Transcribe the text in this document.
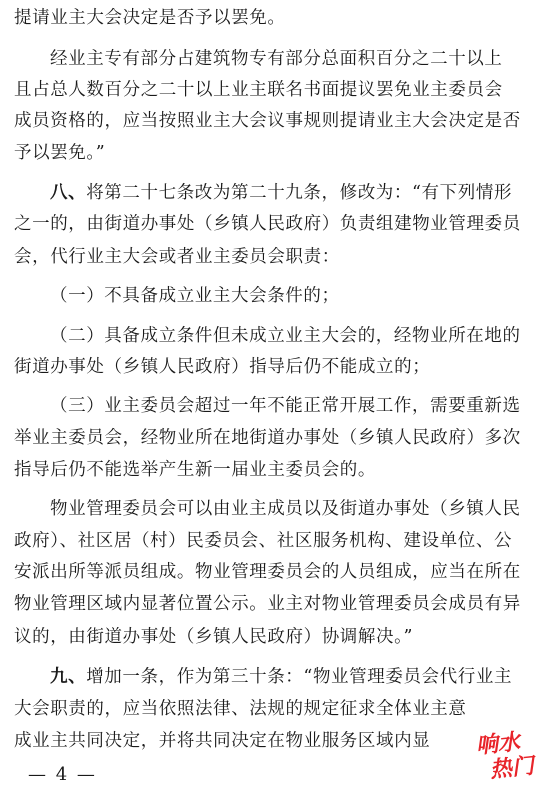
提请业主大会决定是否予以罢免。
经业主专有部分占建筑物专有部分总面积百分之二十以上
且占总人数百分之二十以上业主联名书面提议罢免业主委员会
成员资格的，应当按照业主大会议事规则提请业主大会决定是否
予以罢免。”
八、将第二十七条改为第二十九条，修改为：“有下列情形
之一的，由街道办事处（乡镇人民政府）负责组建物业管理委员
会，代行业主大会或者业主委员会职责：
（一）不具备成立业主大会条件的；
（二）具备成立条件但未成立业主大会的，经物业所在地的
街道办事处（乡镇人民政府）指导后仍不能成立的；
（三）业主委员会超过一年不能正常开展工作，需要重新选
举业主委员会，经物业所在地街道办事处（乡镇人民政府）多次
指导后仍不能选举产生新一届业主委员会的。
物业管理委员会可以由业主成员以及街道办事处（乡镇人民
政府）、社区居（村）民委员会、社区服务机构、建设单位、公
安派出所等派员组成。物业管理委员会的人员组成，应当在所在
物业管理区域内显著位置公示。业主对物业管理委员会成员有异
议的，由街道办事处（乡镇人民政府）协调解决。”
九、增加一条，作为第三十条：“物业管理委员会代行业主
大会职责的，应当依照法律、法规的规定征求全体业主意
成业主共同决定，并将共同决定在物业服务区域内显
— 4 —
响水
热门
